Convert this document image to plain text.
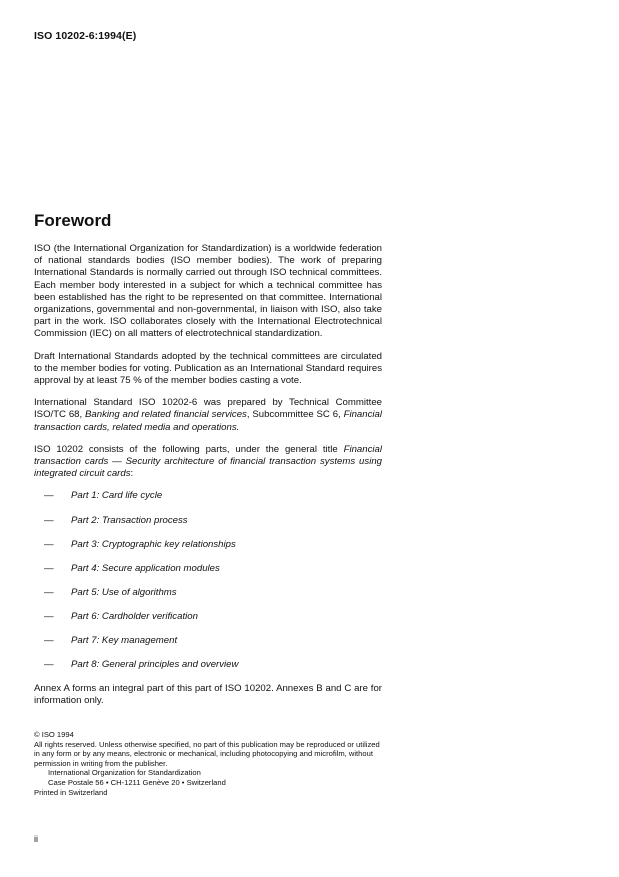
ISO 10202-6:1994(E)
Foreword

ISO (the International Organization for Standardization) is a worldwide federation of national standards bodies (ISO member bodies). The work of preparing International Standards is normally carried out through ISO technical committees. Each member body interested in a subject for which a technical committee has been established has the right to be represented on that committee. International organizations, governmental and non-governmental, in liaison with ISO, also take part in the work. ISO collaborates closely with the International Electrotechnical Commission (IEC) on all matters of electrotechnical standardization.

Draft International Standards adopted by the technical committees are circulated to the member bodies for voting. Publication as an International Standard requires approval by at least 75 % of the member bodies casting a vote.

International Standard ISO 10202-6 was prepared by Technical Committee ISO/TC 68, Banking and related financial services, Subcommittee SC 6, Financial transaction cards, related media and operations.

ISO 10202 consists of the following parts, under the general title Financial transaction cards — Security architecture of financial transaction systems using integrated circuit cards:

—	Part 1: Card life cycle
—	Part 2: Transaction process
—	Part 3: Cryptographic key relationships
—	Part 4: Secure application modules
—	Part 5: Use of algorithms
—	Part 6: Cardholder verification
—	Part 7: Key management
—	Part 8: General principles and overview

Annex A forms an integral part of this part of ISO 10202. Annexes B and C are for information only.

© ISO 1994
All rights reserved. Unless otherwise specified, no part of this publication may be reproduced or utilized in any form or by any means, electronic or mechanical, including photocopying and microfilm, without permission in writing from the publisher.
International Organization for Standardization
Case Postale 56 • CH-1211 Genève 20 • Switzerland
Printed in Switzerland
ii
